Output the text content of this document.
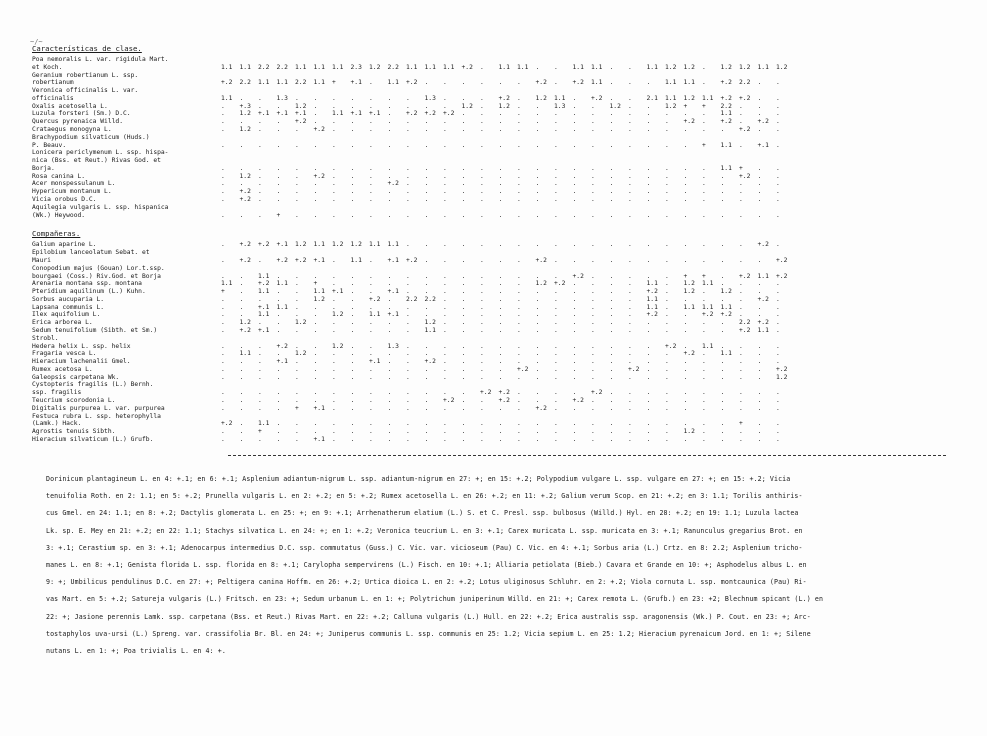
~/~
Características de clase.
Poa nemoralis L. var. rigidula Mart.
et Koch.	1.1 1.1 2.2 2.2 1.1 1.1 1.1 2.3 1.2 2.2 1.1 1.1 1.1 +.2 . 1.1 1.1 . . 1.1 1.1 . . 1.1 1.2 1.2 . 1.2 1.2 1.1 1.2
Geranium robertianum L. ssp.
robertianum	+.2 2.2 1.1 1.1 2.2 1.1 + +.1 . 1.1 +.2 . . . . . . +.2 . +.2 1.1 . . . 1.1 1.1 . +.2 2.2 . .
Veronica officinalis L. var.
officinalis	1.1 . . 1.3 . . . . . . . 1.3 . . . +.2 . 1.2 1.1 . +.2 . . 2.1 1.1 1.2 1.1 +.2 +.2 . .
Oxalis acetosella L.	. +.3 . . 1.2 . . . . . . . . 1.2 . 1.2 . . 1.3 . . 1.2 . . 1.2 + + 2.2 . . .
Luzula forsteri (Sm.) D.C.	. 1.2 +.1 +.1 +.1 . 1.1 +.1 +.1 . +.2 +.2 +.2 . . . . . . . . . . . . . . 1.1 . . .
Quercus pyrenaica Willd.	. . . . +.2 . . . . . . . . . . . . . . . . . . . . +.2 . +.2 . +.2 .
Crataegus monogyna L.	. 1.2 . . . +.2 . . . . . . . . . . . . . . . . . . . . . . +.2 . .
Brachypodium silvaticum (Huds.)
P. Beauv.	. . . . . . . . . . . . . . . . . . . . . . . . . . + 1.1 . +.1 .
Lonicera periclymenum L. ssp. hispa-
nica (Bss. et Reut.) Rivas God. et
Borja.	. . . . . . . . . . . . . . . . . . . . . . . . . . . 1.1 + . .
Rosa canina L.	. 1.2 . . . +.2 . . . . . . . . . . . . . . . . . . . . . . +.2 . .
Acer monspessulanum L.	. . . . . . . . . +.2 . . . . . . . . . . . . . . . . . . . . .
Hypericum montanum L.	. +.2 . . . . . . . . . . . . . . . . . . . . . . . . . . . . .
Vicia orobus D.C.	. +.2 . . . . . . . . . . . . . . . . . . . . . . . . . . . . .
Aquilegia vulgaris L. ssp. hispanica
(Wk.) Heywood.	. . . + . . . . . . . . . . . . . . . . . . . . . . . . . . .
Compañeras.
Galium aparine L.	. +.2 +.2 +.1 1.2 1.1 1.2 1.2 1.1 1.1 . . . . . . . . . . . . . . . . . . . +.2 .
Epilobium lanceolatum Sebat. et
Mauri	. +.2 . +.2 +.2 +.1 . 1.1 . +.1 +.2 . . . . . . +.2 . . . . . . . . . . . . +.2
Conopodium majus (Gouan) Lor.t.ssp.
bourgaei (Coss.) Riv.God. et Borja	. . 1.1 . . . . . . . . . . . . . . . . +.2 . . . . . + + . +.2 1.1 +.2
Arenaria montana ssp. montana	1.1 . +.2 1.1 . + . . . . . . . . . . . 1.2 +.2 . . . . 1.1 . 1.2 1.1 . . . .
Pteridium aquilinum (L.) Kuhn.	+ . 1.1 . . 1.1 +.1 . . +.1 . . . . . . . . . . . . . +.2 . 1.2 . 1.2 . . .
Sorbus aucuparia L.	. . . . . 1.2 . . +.2 . 2.2 2.2 . . . . . . . . . . . 1.1 . . . . . +.2 .
Lapsana communis L.	. . +.1 1.1 . . . . . . . . . . . . . . . . . . . 1.1 . 1.1 1.1 1.1 . . .
Ilex aquifolium L.	. . 1.1 . . . 1.2 . 1.1 +.1 . . . . . . . . . . . . . +.2 . . +.2 +.2 . . .
Erica arborea L.	. 1.2 . . 1.2 . . . . . . 1.2 . . . . . . . . . . . . . . . . 2.2 +.2 .
Sedum tenuifolium (Sibth. et Sm.)	. +.2 +.1 . . . . . . . . 1.1 . . . . . . . . . . . . . . . . +.2 1.1 .
Strobl.
Hedera helix L. ssp. helix	. . . +.2 . . 1.2 . . 1.3 . . . . . . . . . . . . . . +.2 . 1.1 . . . .
Fragaria vesca L.	. 1.1 . . 1.2 . . . . . . . . . . . . . . . . . . . . +.2 . 1.1 . . .
Hieracium lachenalii Gmel.	. . . +.1 . . . . +.1 . . +.2 . . . . . . . . . . . . . . . . . . .
Rumex acetosa L.	. . . . . . . . . . . . . . . . +.2 . . . . . +.2 . . . . . . . +.2
Galeopsis carpetana Wk.	. . . . . . . . . . . . . . . . . . . . . . . . . . . . . . 1.2
Cystopteris fragilis (L.) Bernh.
ssp. fragilis	. . . . . . . . . . . . . . +.2 +.2 . . . . +.2 . . . . . . . . . .
Teucrium scorodonia L.	. . . . . . . . . . . . +.2 . . +.2 . . . +.2 . . . . . . . . . . .
Digitalis purpurea L. var. purpurea	. . . . + +.1 . . . . . . . . . . . +.2 . . . . . . . . . . . . .
Festuca rubra L. ssp. heterophylla
(Lamk.) Hack.	+.2 . 1.1 . . . . . . . . . . . . . . . . . . . . . . . . . + . .
Agrostis tenuis Sibth.	. . + . . . . . . . . . . . . . . . . . . . . . . 1.2 . . . . .
Hieracium silvaticum (L.) Grufb.	. . . . . +.1 . . . . . . . . . . . . . . . . . . . . . . . . .
Dorinicum plantagineum L. en 4: +.1; en 6: +.1; Asplenium adiantum-nigrum L. ssp. adiantum-nigrum en 27: +; en 15: +.2; Polypodium vulgare L. ssp. vulgare en 27: +; en 15: +.2; Vicia
tenuifolia Roth. en 2: 1.1; en 5: +.2; Prunella vulgaris L. en 2: +.2; en 5: +.2; Rumex acetosella L. en 26: +.2; en 11: +.2; Galium verum Scop. en 21: +.2; en 3: 1.1; Torilis anthiris-
cus Gmel. en 24: 1.1; en 8: +.2; Dactylis glomerata L. en 25: +; en 9: +.1; Arrhenatherum elatium (L.) S. et C. Presl. ssp. bulbosus (Willd.) Hyl. en 28: +.2; en 19: 1.1; Luzula lactea
Lk. sp. E. Mey en 21: +.2; en 22: 1.1; Stachys silvatica L. en 24: +; en 1: +.2; Veronica teucrium L. en 3: +.1; Carex muricata L. ssp. muricata en 3: +.1; Ranunculus gregarius Brot. en
3: +.1; Cerastium sp. en 3: +.1; Adenocarpus intermedius D.C. ssp. commutatus (Guss.) C. Vic. var. vicioseum (Pau) C. Vic. en 4: +.1; Sorbus aria (L.) Crtz. en 8: 2.2; Asplenium tricho-
manes L. en 8: +.1; Genista florida L. ssp. florida en 8: +.1; Carylopha sempervirens (L.) Fisch. en 10: +.1; Alliaria petiolata (Bieb.) Cavara et Grande en 10: +; Asphodelus albus L. en
9: +; Umbilicus pendulinus D.C. en 27: +; Peltigera canina Hoffm. en 26: +.2; Urtica dioica L. en 2: +.2; Lotus uliginosus Schluhr. en 2: +.2; Viola cornuta L. ssp. montcaunica (Pau) Ri-
vas Mart. en 5: +.2; Satureja vulgaris (L.) Fritsch. en 23: +; Sedum urbanum L. en 1: +; Polytrichum juniperinum Willd. en 21: +; Carex remota L. (Grufb.) en 23: +2; Blechnum spicant (L.) en
22: +; Jasione perennis Lamk. ssp. carpetana (Bss. et Reut.) Rivas Mart. en 22: +.2; Calluna vulgaris (L.) Hull. en 22: +.2; Erica australis ssp. aragonensis (Wk.) P. Cout. en 23: +; Arc-
tostaphylos uva-ursi (L.) Spreng. var. crassifolia Br. Bl. en 24: +; Juniperus communis L. ssp. communis en 25: 1.2; Vicia sepium L. en 25: 1.2; Hieracium pyrenaicum Jord. en 1: +; Silene
nutans L. en 1: +; Poa trivialis L. en 4: +.
